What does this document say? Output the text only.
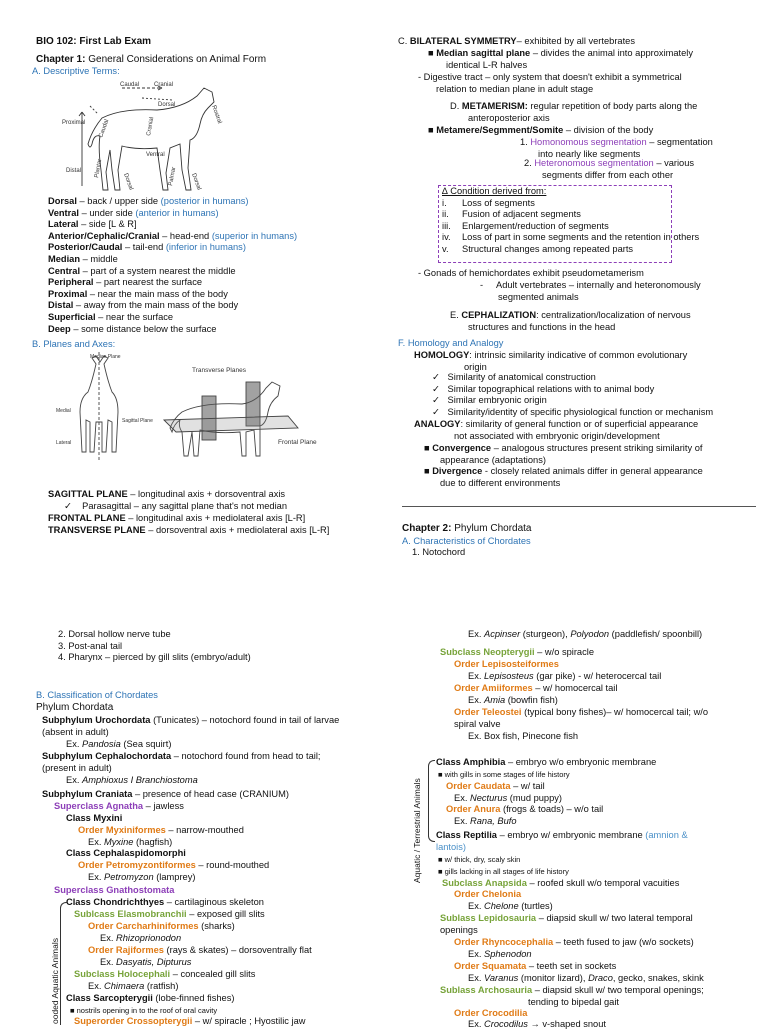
BIO 102: First Lab Exam
Chapter 1: General Considerations on Animal Form
A. Descriptive Terms:
Caudal Cranial
Dorsal	Rostral
Proximal Caudal	Cranial
Ventral
Distal Plantar
Dorsal	Palmar Dorsal
Dorsal – back / upper side (posterior in humans)
Ventral – under side (anterior in humans)
Lateral – side [L & R]
Anterior/Cephalic/Cranial – head-end (superior in humans)
Posterior/Caudal – tail-end (inferior in humans)
Median – middle
Central – part of a system nearest the middle
Peripheral – part nearest the surface
Proximal – near the main mass of the body
Distal – away from the main mass of the body
Superficial – near the surface
Deep – some distance below the surface
B. Planes and Axes:
Median Plane
Medial
Sagittal Plane
Lateral
Transverse Planes
Frontal Plane
SAGITTAL PLANE – longitudinal axis + dorsoventral axis
✓    Parasagittal – any sagittal plane that's not median
FRONTAL PLANE – longitudinal axis + mediolateral axis [L-R]
TRANSVERSE PLANE – dorsoventral axis + mediolateral axis [L-R]
C. BILATERAL SYMMETRY– exhibited by all vertebrates
■ Median sagittal plane – divides the animal into approximately
identical L-R halves
- Digestive tract – only system that doesn't exhibit a symmetrical
relation to median plane in adult stage
D. METAMERISM: regular repetition of body parts along the
anteroposterior axis
■ Metamere/Segmment/Somite – division of the body
1. Homonomous segmentation – segmentation
into nearly like segments
2. Heteronomous segmentation – various
segments differ from each other
∆ Condition derived from:
i. Loss of segments
ii. Fusion of adjacent segments
iii. Enlargement/reduction of segments
iv. Loss of part in some segments and the retention in others
v. Structural changes among repeated parts
- Gonads of hemichordates exhibit pseudometamerism
-     Adult vertebrates – internally and heteronomously
segmented animals
E. CEPHALIZATION: centralization/localization of nervous
structures and functions in the head
F. Homology and Analogy
HOMOLOGY: intrinsic similarity indicative of common evolutionary
origin
✓ Similarity of anatomical construction
✓ Similar topographical relations with to animal body
✓ Similar embryonic origin
✓ Similarity/identity of specific physiological function or mechanism
ANALOGY: similarity of general function or of superficial appearance
not associated with embryonic origin/development
■ Convergence – analogous structures present striking similarity of
appearance (adaptations)
■ Divergence - closely related animals differ in general appearance
due to different environments
Chapter 2: Phylum Chordata
A. Characteristics of Chordates
1. Notochord
2. Dorsal hollow nerve tube
3. Post-anal tail
4. Pharynx – pierced by gill slits (embryo/adult)
B. Classification of Chordates
Phylum Chordata
Subphylum Urochordata (Tunicates) – notochord found in tail of larvae
(absent in adult)
Ex. Pandosia (Sea squirt)
Subphylum Cephalochordata – notochord found from head to tail;
(present in adult)
Ex. Amphioxus I Branchiostoma
Subphylum Craniata – presence of head case (CRANIUM)
Superclass Agnatha – jawless
Class Myxini
Order Myxiniformes – narrow-mouthed
Ex. Myxine (hagfish)
Class Cephalaspidomorphi
Order Petromyzontiformes – round-mouthed
Ex. Petromyzon (lamprey)
Superclass Gnathostomata
Class Chondrichthyes – cartilaginous skeleton
Sublcass Elasmobranchii – exposed gill slits
Order Carcharhiniformes (sharks)
Ex. Rhizoprionodon
Order Rajiformes (rays & skates) – dorsoventrally flat
Ex. Dasyatis, Dipturus
Subclass Holocephali – concealed gill slits
Ex. Chimaera (ratfish)
Class Sarcopterygii (lobe-finned fishes)
■ nostrils opening in to the roof of oral cavity
Superorder Crossopterygii – w/ spiracle ; Hyostilic jaw
ooded Aquatic Animals
Ex. Acpinser (sturgeon), Polyodon (paddlefish/ spoonbill)
Subclass Neopterygii – w/o spiracle
Order Lepisosteiformes
Ex. Lepisosteus (gar pike) - w/ heterocercal tail
Order Amiiformes – w/ homocercal tail
Ex. Amia (bowfin fish)
Order Teleostei (typical bony fishes)– w/ homocercal tail; w/o
spiral valve
Ex. Box fish, Pinecone fish
Aquatic / Terrestrial Animals
Class Amphibia – embryo w/o embryonic membrane
■ with gills in some stages of life history
Order Caudata – w/ tail
Ex. Necturus (mud puppy)
Order Anura (frogs & toads) – w/o tail
Ex. Rana, Bufo
Class Reptilia – embryo w/ embryonic membrane (amnion &
lantois)
■ w/ thick, dry, scaly skin
■ gills lacking in all stages of life history
Subclass Anapsida – roofed skull w/o temporal vacuities
Order Chelonia
Ex. Chelone (turtles)
Sublass Lepidosauria – diapsid skull w/ two lateral temporal
openings
Order Rhyncocephalia – teeth fused to jaw (w/o sockets)
Ex. Sphenodon
Order Squamata – teeth set in sockets
Ex. Varanus (monitor lizard), Draco, gecko, snakes, skink
Sublass Archosauria – diapsid skull w/ two temporal openings;
tending to bipedal gait
Order Crocodilia
Ex. Crocodilus → v-shaped snout
